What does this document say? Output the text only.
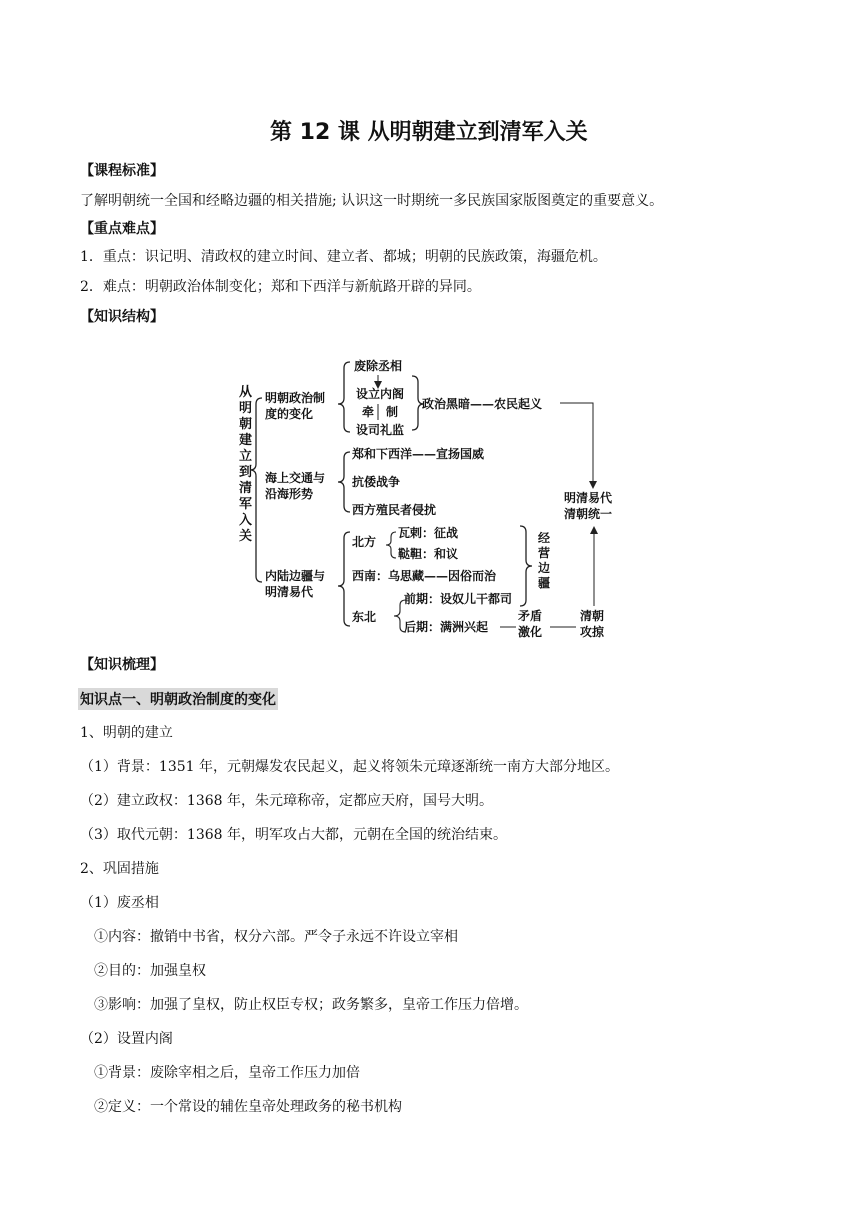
第 12 课 从明朝建立到清军入关
【课程标准】
了解明朝统一全国和经略边疆的相关措施; 认识这一时期统一多民族国家版图奠定的重要意义。
【重点难点】
1．重点：识记明、清政权的建立时间、建立者、都城；明朝的民族政策，海疆危机。
2．难点：明朝政治体制变化；郑和下西洋与新航路开辟的异同。
【知识结构】
从
明
朝
建
立
到
清
军
入
关
明朝政治制
度的变化
废除丞相
设立内阁
牵 制
设司礼监
政治黑暗——农民起义
海上交通与
沿海形势
郑和下西洋——宣扬国威
抗倭战争
西方殖民者侵扰
明清易代
清朝统一
内陆边疆与
明清易代
北方
瓦剌：征战
鞑靼：和议
西南：乌思藏——因俗而治
东北
前期：设奴儿干都司
后期：满洲兴起
矛盾
激化
清朝
攻掠
经
营
边
疆
【知识梳理】
知识点一、明朝政治制度的变化
1、明朝的建立
（1）背景：1351 年，元朝爆发农民起义，起义将领朱元璋逐渐统一南方大部分地区。
（2）建立政权：1368 年，朱元璋称帝，定都应天府，国号大明。
（3）取代元朝：1368 年，明军攻占大都，元朝在全国的统治结束。
2、巩固措施
（1）废丞相
①内容：撤销中书省，权分六部。严令子永远不许设立宰相
②目的：加强皇权
③影响：加强了皇权，防止权臣专权；政务繁多，皇帝工作压力倍增。
（2）设置内阁
①背景：废除宰相之后，皇帝工作压力加倍
②定义：一个常设的辅佐皇帝处理政务的秘书机构
